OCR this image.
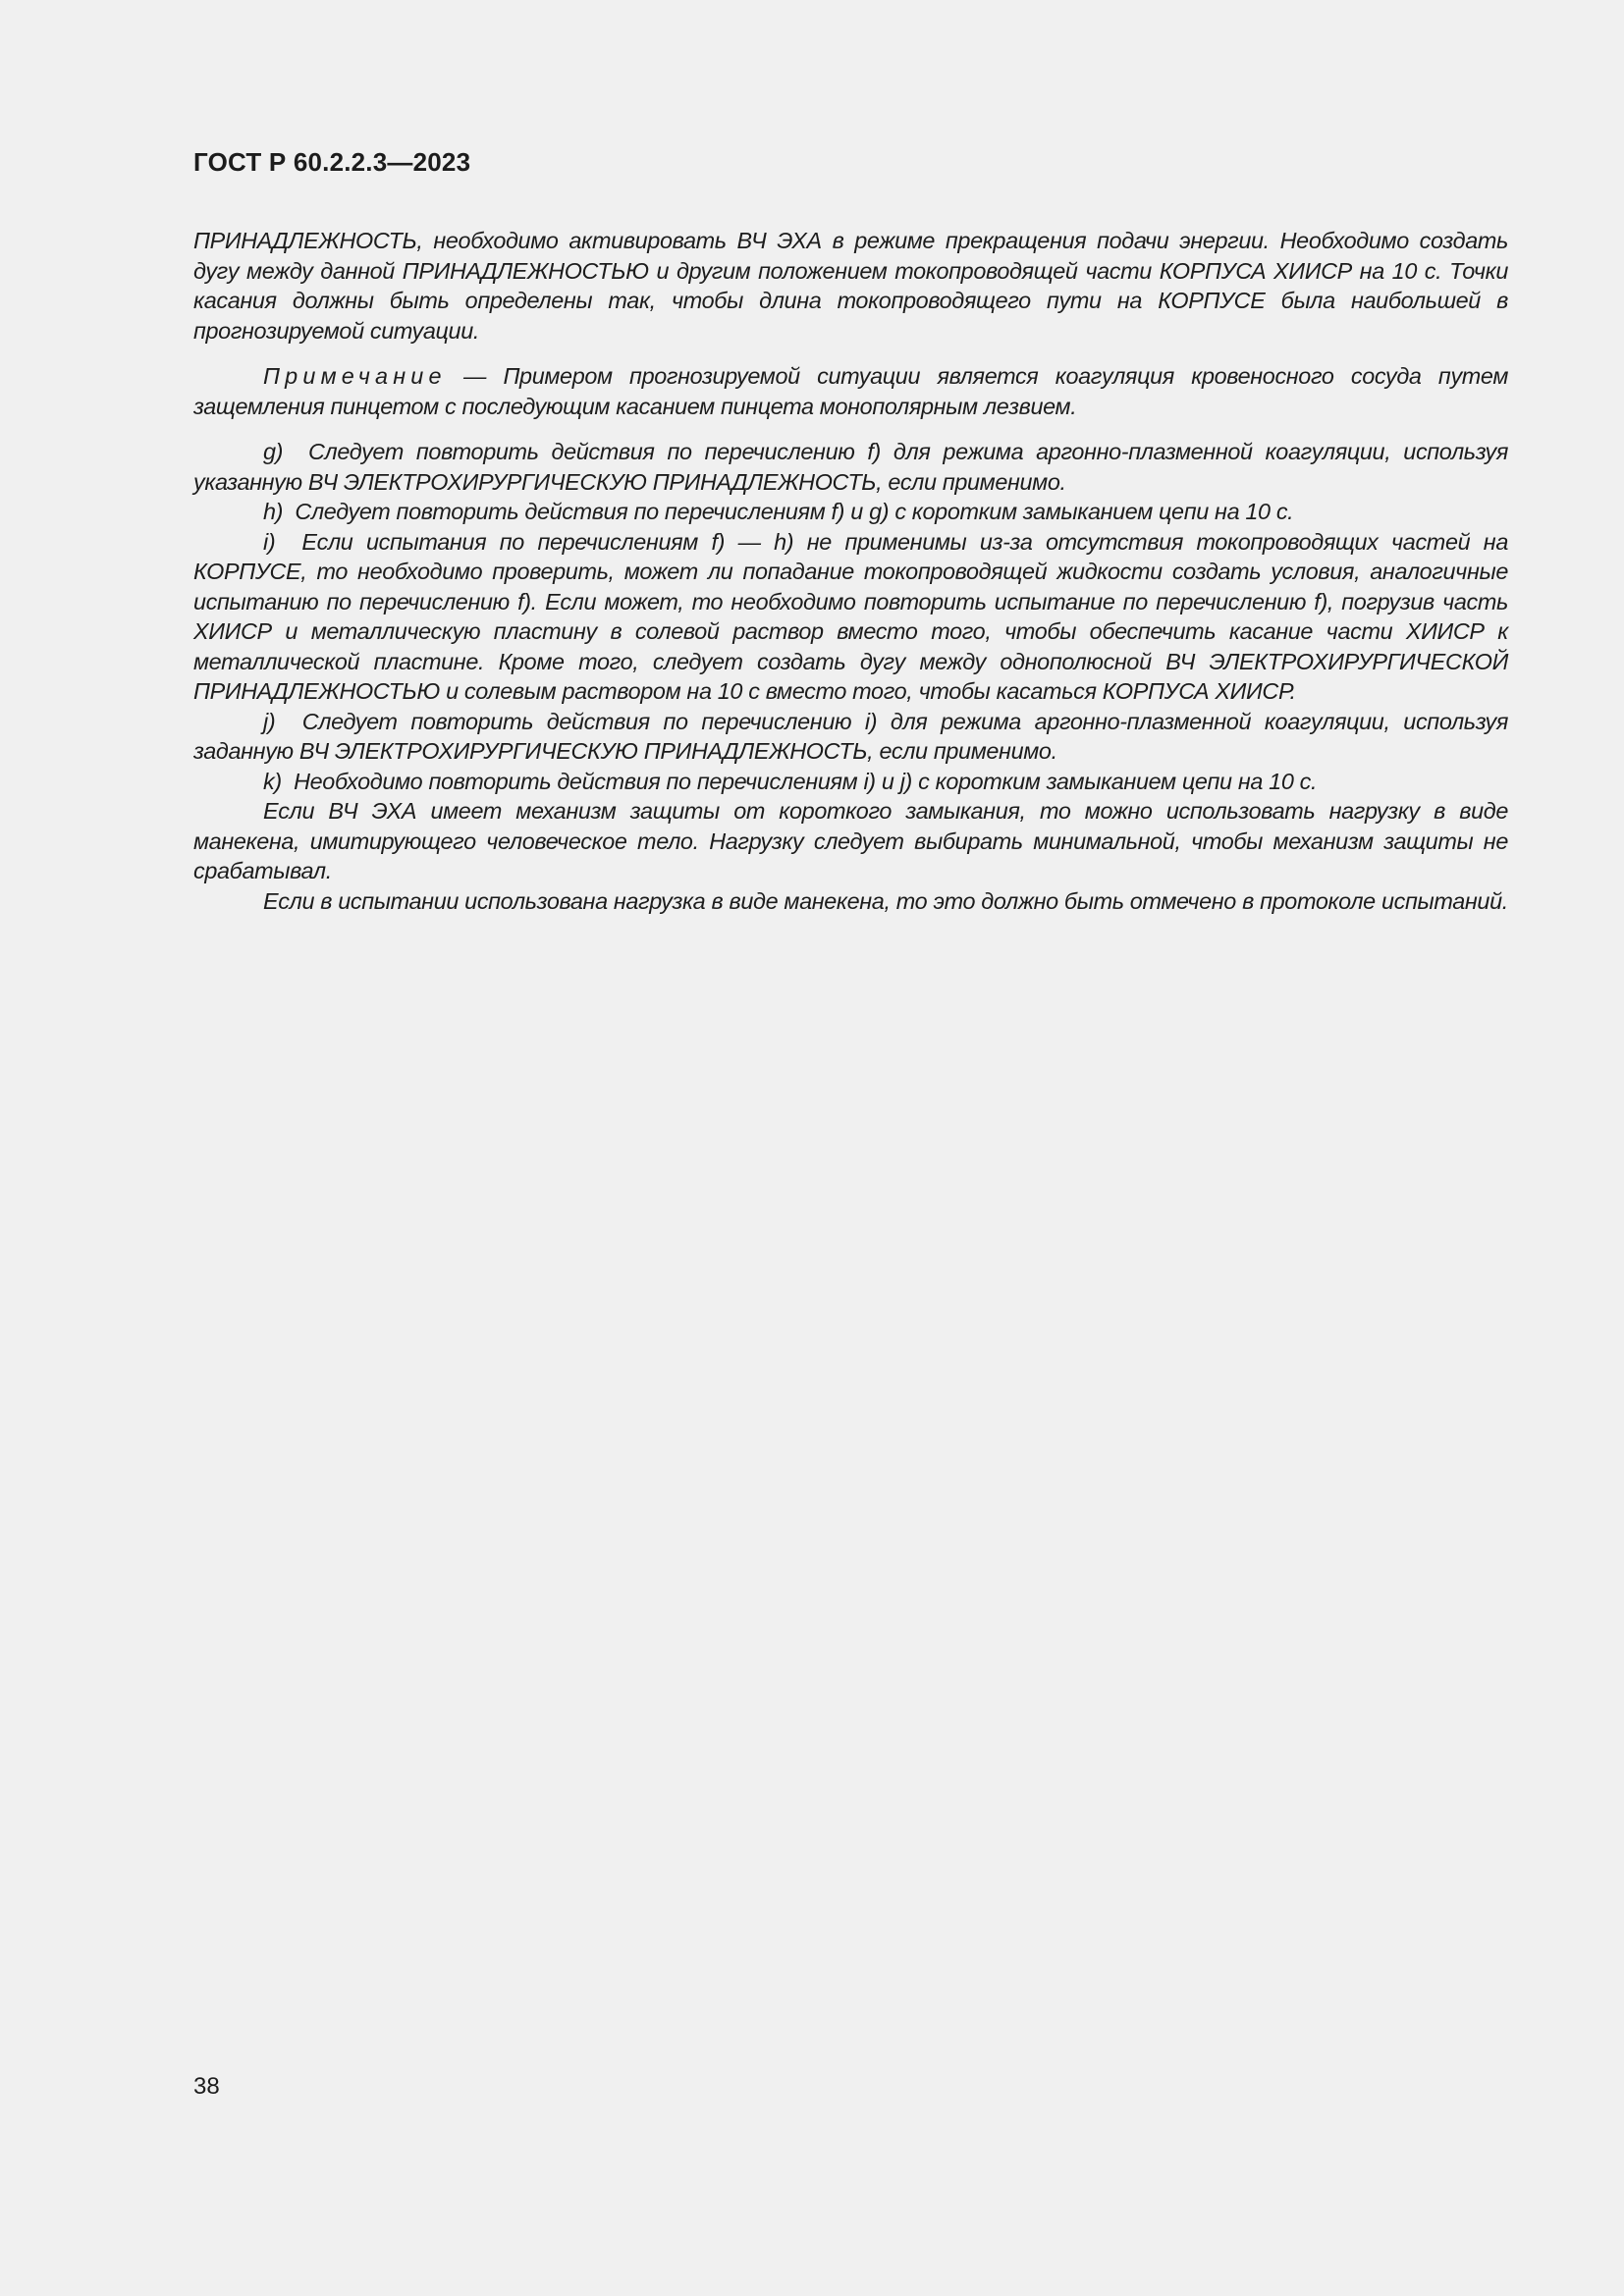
ГОСТ Р 60.2.2.3—2023

ПРИНАДЛЕЖНОСТЬ, необходимо активировать ВЧ ЭХА в режиме прекращения подачи энергии. Необходимо создать дугу между данной ПРИНАДЛЕЖНОСТЬЮ и другим положением токопроводящей части КОРПУСА ХИИСР на 10 с. Точки касания должны быть определены так, чтобы длина токопроводящего пути на КОРПУСЕ была наибольшей в прогнозируемой ситуации.

Примечание — Примером прогнозируемой ситуации является коагуляция кровеносного сосуда путем защемления пинцетом с последующим касанием пинцета монополярным лезвием.

g) Следует повторить действия по перечислению f) для режима аргонно-плазменной коагуляции, используя указанную ВЧ ЭЛЕКТРОХИРУРГИЧЕСКУЮ ПРИНАДЛЕЖНОСТЬ, если применимо.

h) Следует повторить действия по перечислениям f) и g) с коротким замыканием цепи на 10 с.

i) Если испытания по перечислениям f) — h) не применимы из-за отсутствия токопроводящих частей на КОРПУСЕ, то необходимо проверить, может ли попадание токопроводящей жидкости создать условия, аналогичные испытанию по перечислению f). Если может, то необходимо повторить испытание по перечислению f), погрузив часть ХИИСР и металлическую пластину в солевой раствор вместо того, чтобы обеспечить касание части ХИИСР к металлической пластине. Кроме того, следует создать дугу между однополюсной ВЧ ЭЛЕКТРОХИРУРГИЧЕСКОЙ ПРИНАДЛЕЖНОСТЬЮ и солевым раствором на 10 с вместо того, чтобы касаться КОРПУСА ХИИСР.

j) Следует повторить действия по перечислению i) для режима аргонно-плазменной коагуляции, используя заданную ВЧ ЭЛЕКТРОХИРУРГИЧЕСКУЮ ПРИНАДЛЕЖНОСТЬ, если применимо.

k) Необходимо повторить действия по перечислениям i) и j) с коротким замыканием цепи на 10 с.

Если ВЧ ЭХА имеет механизм защиты от короткого замыкания, то можно использовать нагрузку в виде манекена, имитирующего человеческое тело. Нагрузку следует выбирать минимальной, чтобы механизм защиты не срабатывал.

Если в испытании использована нагрузка в виде манекена, то это должно быть отмечено в протоколе испытаний.

38
